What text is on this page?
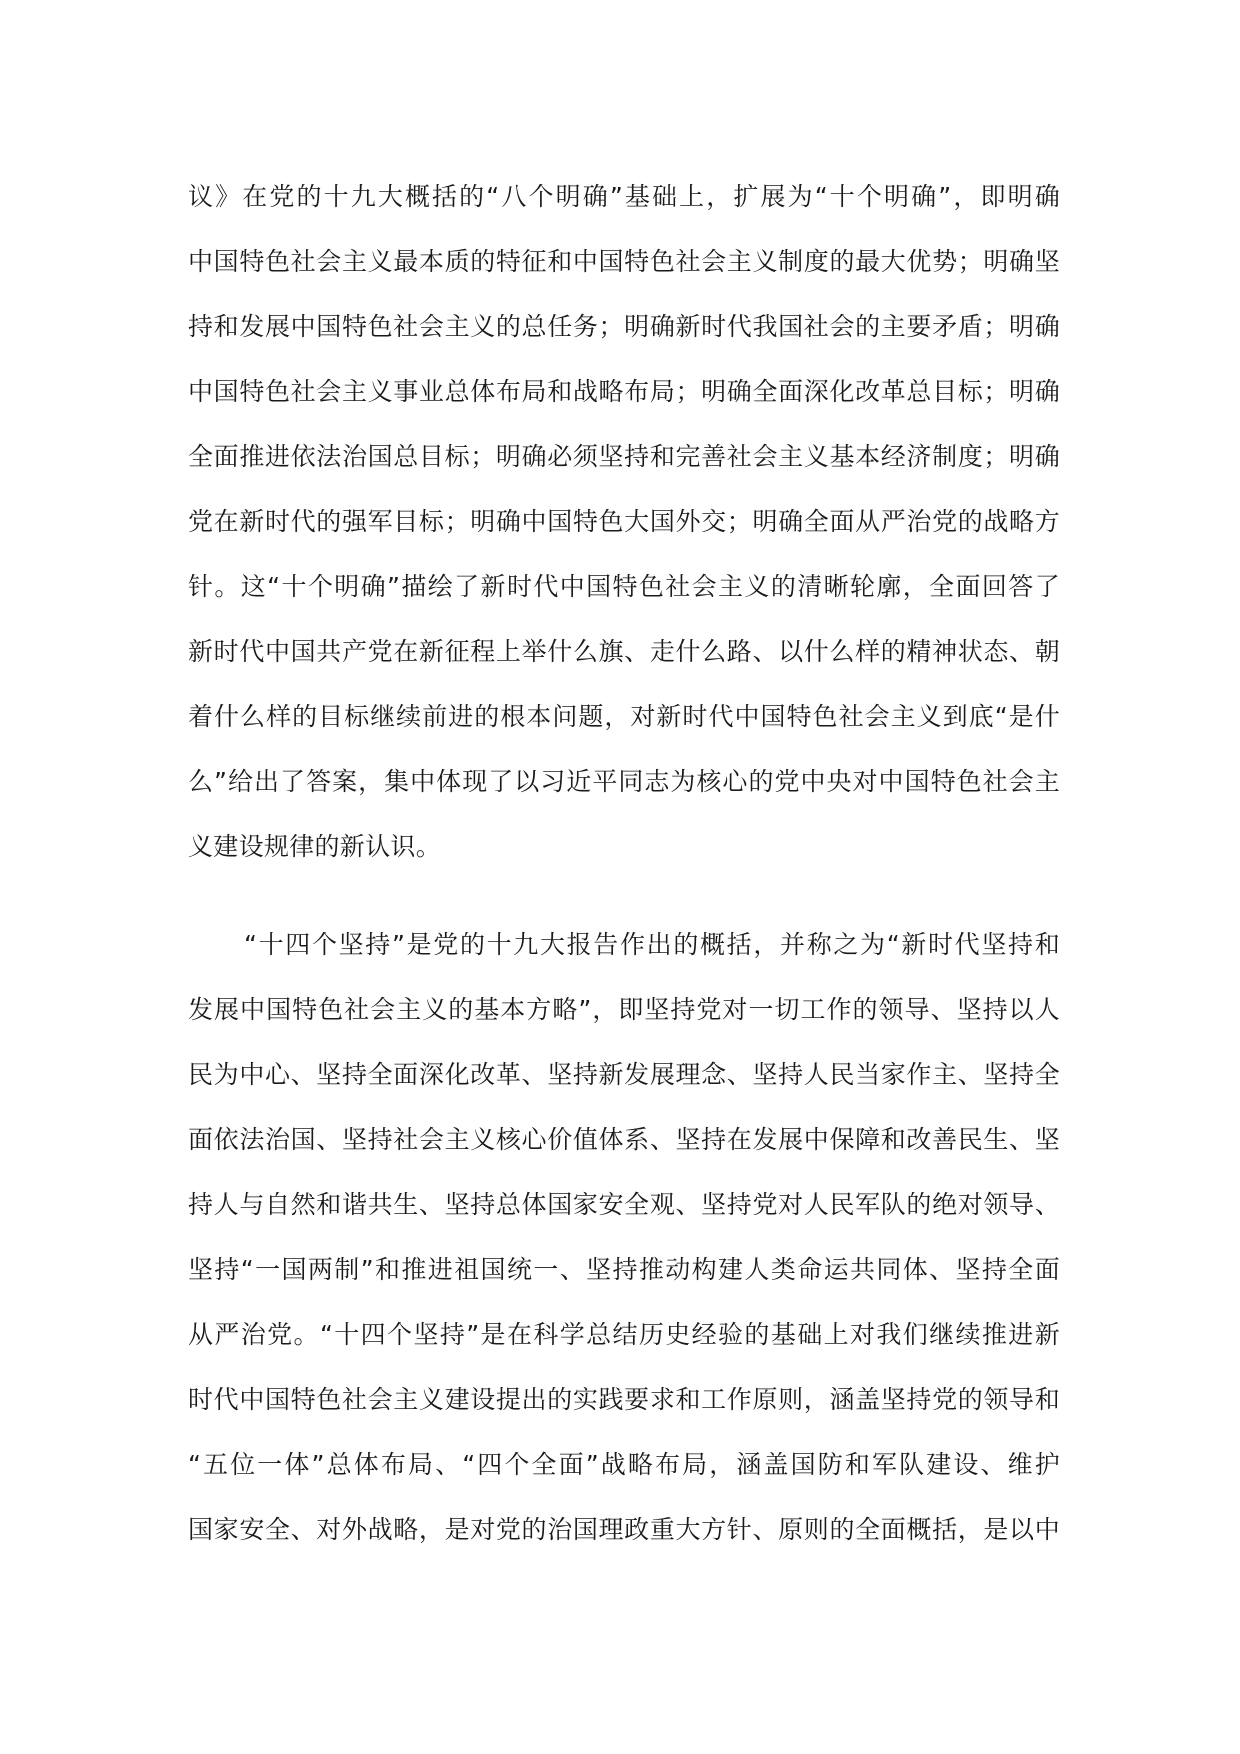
议》在党的十九大概括的“八个明确”基础上，扩展为“十个明确”，即明确
中国特色社会主义最本质的特征和中国特色社会主义制度的最大优势；明确坚
持和发展中国特色社会主义的总任务；明确新时代我国社会的主要矛盾；明确
中国特色社会主义事业总体布局和战略布局；明确全面深化改革总目标；明确
全面推进依法治国总目标；明确必须坚持和完善社会主义基本经济制度；明确
党在新时代的强军目标；明确中国特色大国外交；明确全面从严治党的战略方
针。这“十个明确”描绘了新时代中国特色社会主义的清晰轮廓，全面回答了
新时代中国共产党在新征程上举什么旗、走什么路、以什么样的精神状态、朝
着什么样的目标继续前进的根本问题，对新时代中国特色社会主义到底“是什
么”给出了答案，集中体现了以习近平同志为核心的党中央对中国特色社会主
义建设规律的新认识。
“十四个坚持”是党的十九大报告作出的概括，并称之为“新时代坚持和
发展中国特色社会主义的基本方略”，即坚持党对一切工作的领导、坚持以人
民为中心、坚持全面深化改革、坚持新发展理念、坚持人民当家作主、坚持全
面依法治国、坚持社会主义核心价值体系、坚持在发展中保障和改善民生、坚
持人与自然和谐共生、坚持总体国家安全观、坚持党对人民军队的绝对领导、
坚持“一国两制”和推进祖国统一、坚持推动构建人类命运共同体、坚持全面
从严治党。“十四个坚持”是在科学总结历史经验的基础上对我们继续推进新
时代中国特色社会主义建设提出的实践要求和工作原则，涵盖坚持党的领导和
“五位一体”总体布局、“四个全面”战略布局，涵盖国防和军队建设、维护
国家安全、对外战略，是对党的治国理政重大方针、原则的全面概括，是以中
